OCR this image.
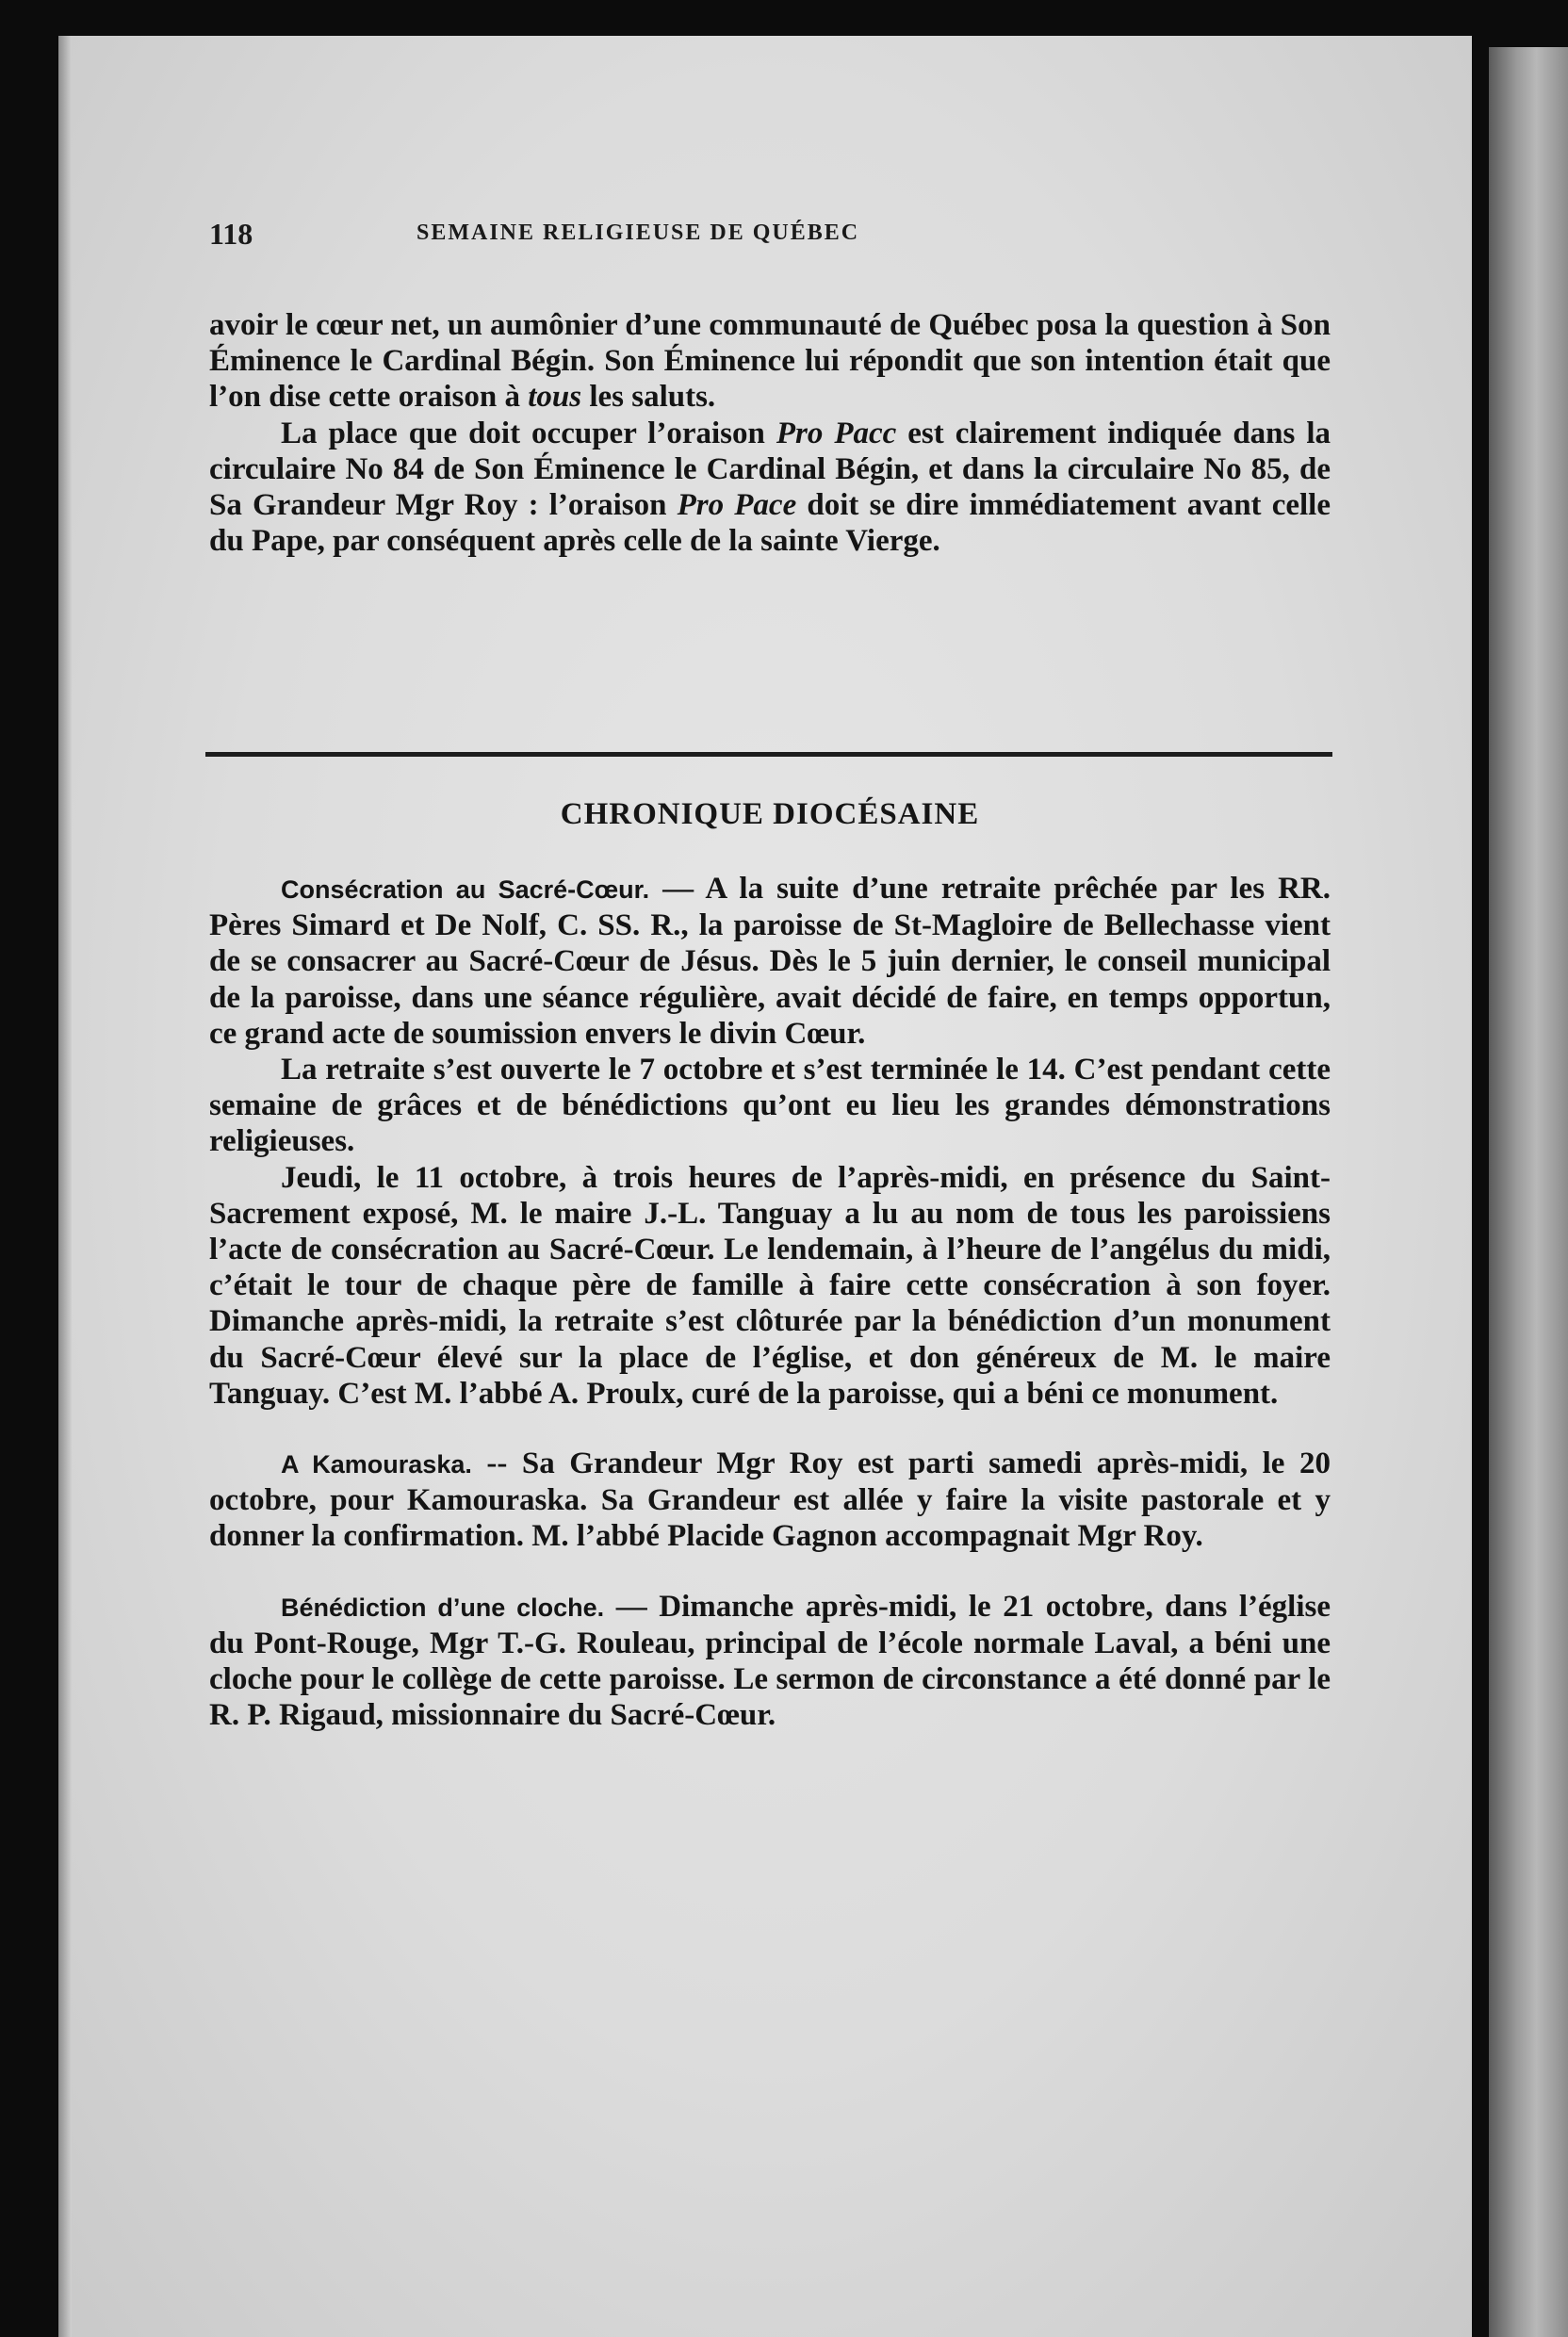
118	SEMAINE RELIGIEUSE DE QUÉBEC

avoir le cœur net, un aumônier d’une communauté de Québec posa la question à Son Éminence le Cardinal Bégin. Son Éminence lui répondit que son intention était que l’on dise cette oraison à tous les saluts.

La place que doit occuper l’oraison Pro Pacc est clairement indiquée dans la circulaire No 84 de Son Éminence le Cardinal Bégin, et dans la circulaire No 85, de Sa Grandeur Mgr Roy : l’oraison Pro Pace doit se dire immédiatement avant celle du Pape, par conséquent après celle de la sainte Vierge.

CHRONIQUE DIOCÉSAINE

Consécration au Sacré-Cœur. — A la suite d’une retraite prêchée par les RR. Pères Simard et De Nolf, C. SS. R., la paroisse de St-Magloire de Bellechasse vient de se consacrer au Sacré-Cœur de Jésus. Dès le 5 juin dernier, le conseil municipal de la paroisse, dans une séance régulière, avait décidé de faire, en temps opportun, ce grand acte de soumission envers le divin Cœur.

La retraite s’est ouverte le 7 octobre et s’est terminée le 14. C’est pendant cette semaine de grâces et de bénédictions qu’ont eu lieu les grandes démonstrations religieuses.

Jeudi, le 11 octobre, à trois heures de l’après-midi, en présence du Saint-Sacrement exposé, M. le maire J.-L. Tanguay a lu au nom de tous les paroissiens l’acte de consécration au Sacré-Cœur. Le lendemain, à l’heure de l’angélus du midi, c’était le tour de chaque père de famille à faire cette consécration à son foyer. Dimanche après-midi, la retraite s’est clôturée par la bénédiction d’un monument du Sacré-Cœur élevé sur la place de l’église, et don généreux de M. le maire Tanguay. C’est M. l’abbé A. Proulx, curé de la paroisse, qui a béni ce monument.

A Kamouraska. -- Sa Grandeur Mgr Roy est parti samedi après-midi, le 20 octobre, pour Kamouraska. Sa Grandeur est allée y faire la visite pastorale et y donner la confirmation. M. l’abbé Placide Gagnon accompagnait Mgr Roy.

Bénédiction d’une cloche. — Dimanche après-midi, le 21 octobre, dans l’église du Pont-Rouge, Mgr T.-G. Rouleau, principal de l’école normale Laval, a béni une cloche pour le collège de cette paroisse. Le sermon de circonstance a été donné par le R. P. Rigaud, missionnaire du Sacré-Cœur.
